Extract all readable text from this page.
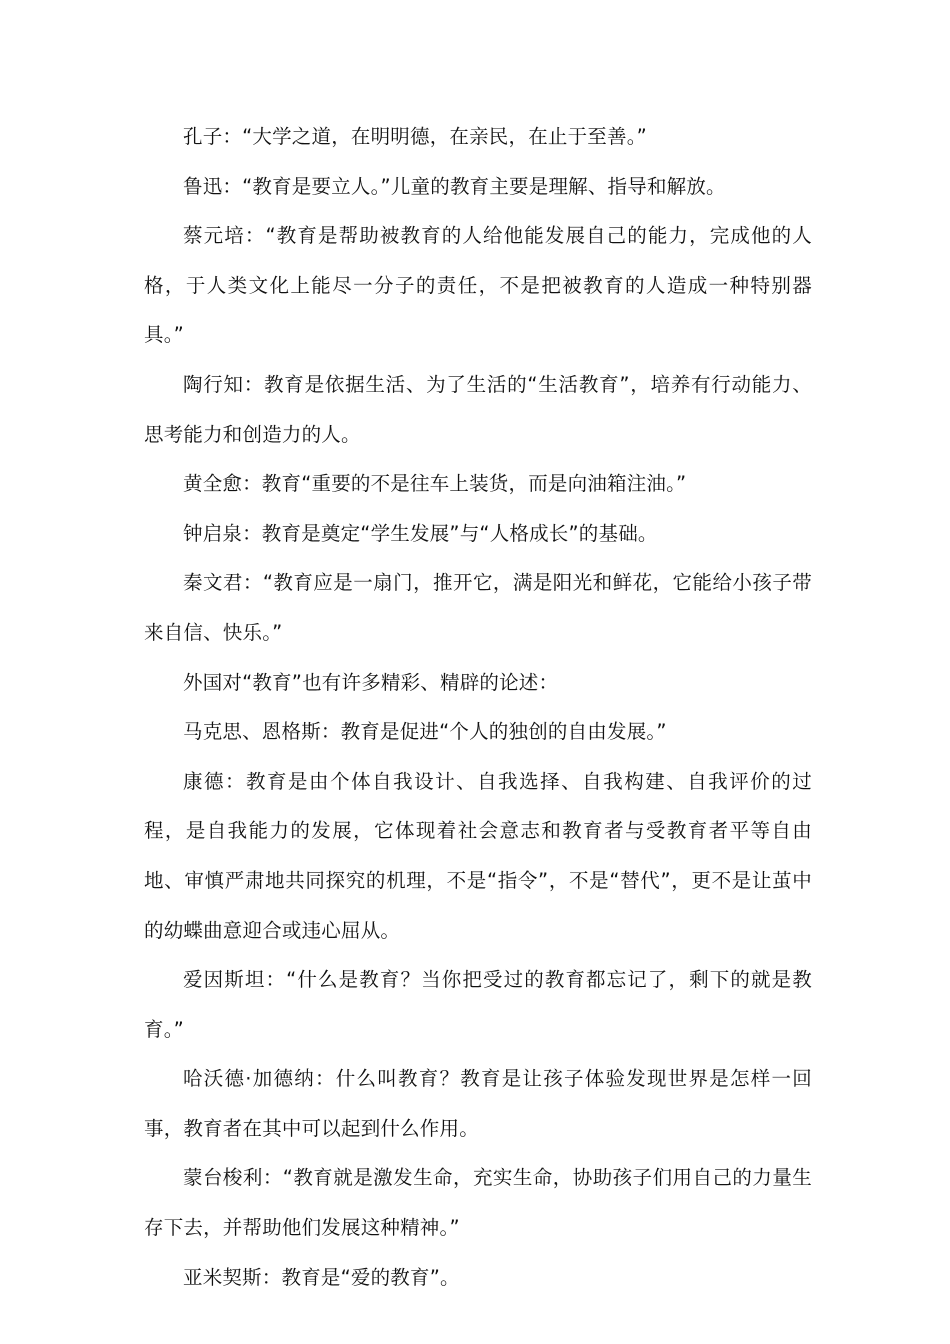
孔子：“大学之道，在明明德，在亲民，在止于至善。”

鲁迅：“教育是要立人。”儿童的教育主要是理解、指导和解放。

蔡元培：“教育是帮助被教育的人给他能发展自己的能力，完成他的人格，于人类文化上能尽一分子的责任，不是把被教育的人造成一种特别器具。”

陶行知：教育是依据生活、为了生活的“生活教育”，培养有行动能力、思考能力和创造力的人。

黄全愈：教育“重要的不是往车上装货，而是向油箱注油。”

钟启泉：教育是奠定“学生发展”与“人格成长”的基础。

秦文君：“教育应是一扇门，推开它，满是阳光和鲜花，它能给小孩子带来自信、快乐。”

外国对“教育”也有许多精彩、精辟的论述：

马克思、恩格斯：教育是促进“个人的独创的自由发展。”

康德：教育是由个体自我设计、自我选择、自我构建、自我评价的过程，是自我能力的发展，它体现着社会意志和教育者与受教育者平等自由地、审慎严肃地共同探究的机理，不是“指令”，不是“替代”，更不是让茧中的幼蝶曲意迎合或违心屈从。

爱因斯坦：“什么是教育？当你把受过的教育都忘记了，剩下的就是教育。”

哈沃德·加德纳：什么叫教育？教育是让孩子体验发现世界是怎样一回事，教育者在其中可以起到什么作用。

蒙台梭利：“教育就是激发生命，充实生命，协助孩子们用自己的力量生存下去，并帮助他们发展这种精神。”

亚米契斯：教育是“爱的教育”。
